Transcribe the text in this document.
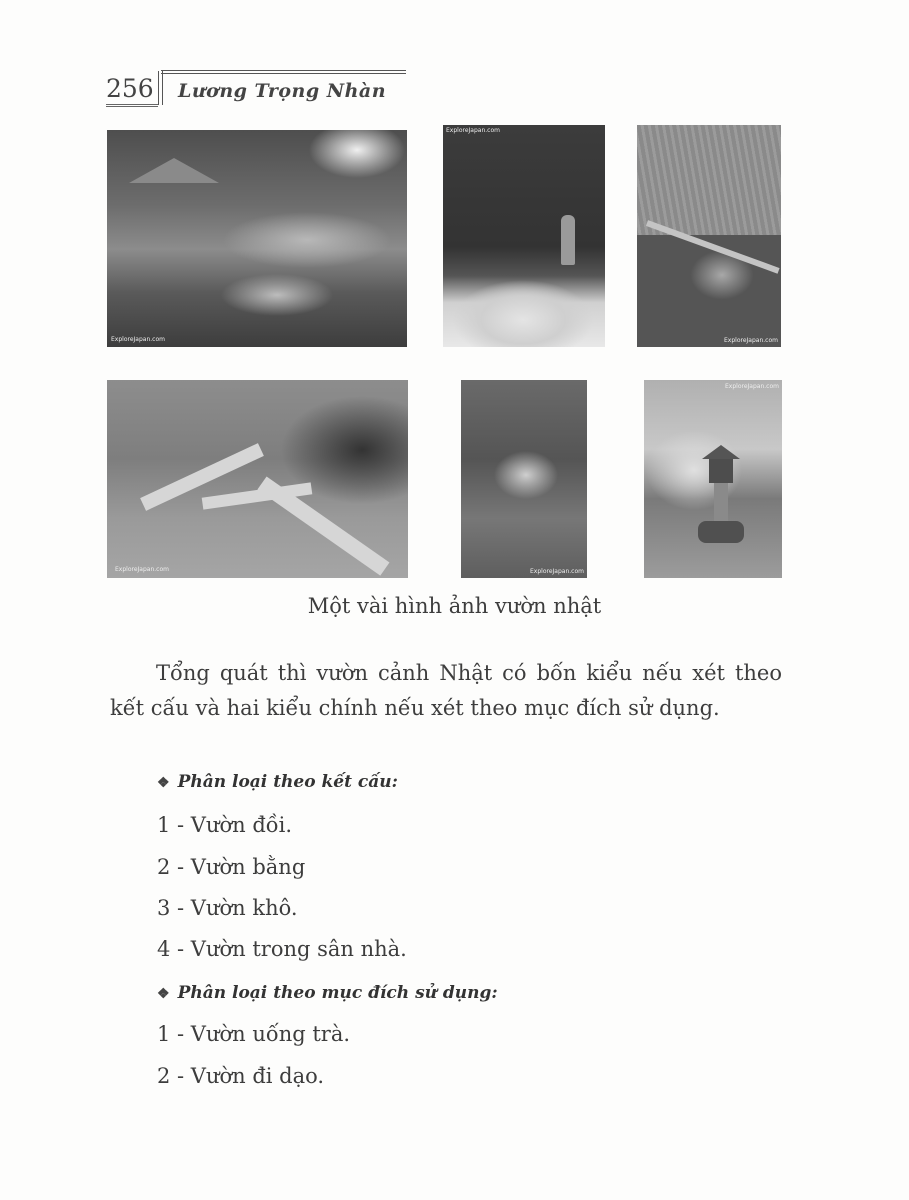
256 Lương Trọng Nhàn
ExploreJapan.com
ExploreJapan.com
ExploreJapan.com
ExploreJapan.com	ExploreJapan.com
ExploreJapan.com
Một vài hình ảnh vườn nhật

Tổng quát thì vườn cảnh Nhật có bốn kiểu nếu xét theo kết cấu và hai kiểu chính nếu xét theo mục đích sử dụng.

❖ Phân loại theo kết cấu:
1 - Vườn đồi.
2 - Vườn bằng
3 - Vườn khô.
4 - Vườn trong sân nhà.
❖ Phân loại theo mục đích sử dụng:
1 - Vườn uống trà.
2 - Vườn đi dạo.
